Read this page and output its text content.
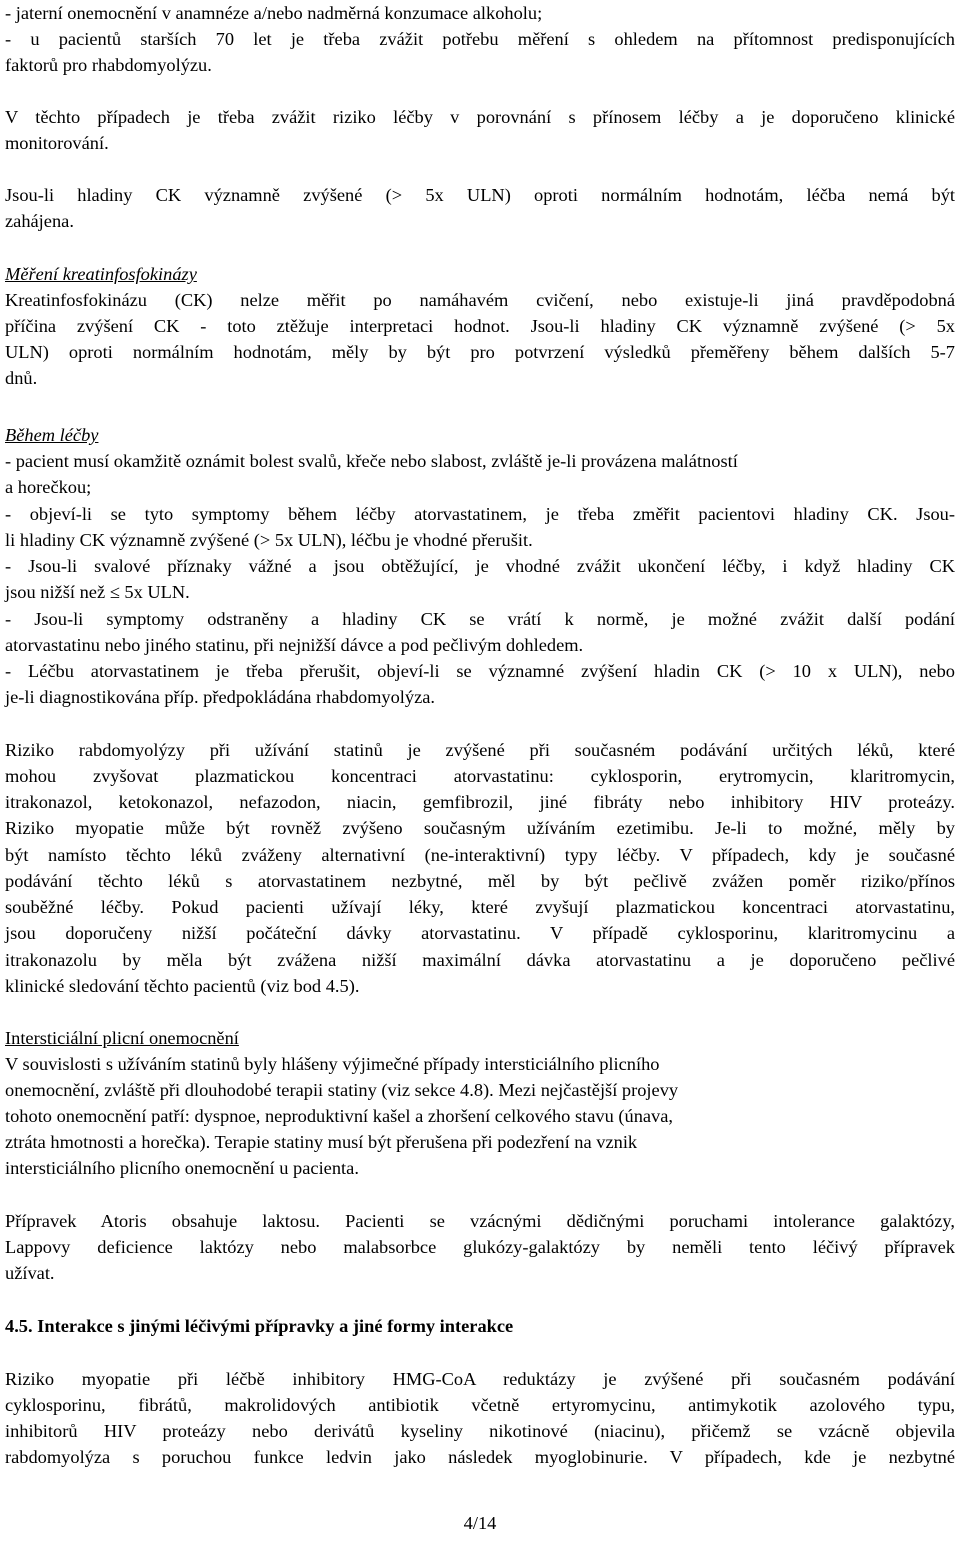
- jaterní onemocnění v anamnéze a/nebo nadměrná konzumace alkoholu;
- u pacientů starších 70 let je třeba zvážit potřebu měření s ohledem na přítomnost predisponujících
faktorů pro rhabdomyolýzu.
V těchto případech je třeba zvážit riziko léčby v porovnání s přínosem léčby a je doporučeno klinické
monitorování.
Jsou-li hladiny CK významně zvýšené (> 5x ULN) oproti normálním hodnotám, léčba nemá být
zahájena.
Měření kreatinfosfokinázy
Kreatinfosfokinázu (CK) nelze měřit po namáhavém cvičení, nebo existuje-li jiná pravděpodobná
příčina zvýšení CK - toto ztěžuje interpretaci hodnot. Jsou-li hladiny CK významně zvýšené (> 5x
ULN) oproti normálním hodnotám, měly by být pro potvrzení výsledků přeměřeny během dalších 5-7
dnů.
Během léčby
- pacient musí okamžitě oznámit bolest svalů, křeče nebo slabost, zvláště je-li provázena malátností
a horečkou;
- objeví-li se tyto symptomy během léčby atorvastatinem, je třeba změřit pacientovi hladiny CK. Jsou-
li hladiny CK významně zvýšené (> 5x ULN), léčbu je vhodné přerušit.
- Jsou-li svalové příznaky vážné a jsou obtěžující, je vhodné zvážit ukončení léčby, i když hladiny CK
jsou nižší než ≤ 5x ULN.
- Jsou-li symptomy odstraněny a hladiny CK se vrátí k normě, je možné zvážit další podání
atorvastatinu nebo jiného statinu, při nejnižší dávce a pod pečlivým dohledem.
- Léčbu atorvastatinem je třeba přerušit, objeví-li se významné zvýšení hladin CK (> 10 x ULN), nebo
je-li diagnostikována příp. předpokládána rhabdomyolýza.
Riziko rabdomyolýzy při užívání statinů je zvýšené při současném podávání určitých léků, které
mohou zvyšovat plazmatickou koncentraci atorvastatinu: cyklosporin, erytromycin, klaritromycin,
itrakonazol, ketokonazol, nefazodon, niacin, gemfibrozil, jiné fibráty nebo inhibitory HIV proteázy.
Riziko myopatie může být rovněž zvýšeno současným užíváním ezetimibu. Je-li to možné, měly by
být namísto těchto léků zváženy alternativní (ne-interaktivní) typy léčby. V případech, kdy je současné
podávání těchto léků s atorvastatinem nezbytné, měl by být pečlivě zvážen poměr riziko/přínos
souběžné léčby. Pokud pacienti užívají léky, které zvyšují plazmatickou koncentraci atorvastatinu,
jsou doporučeny nižší počáteční dávky atorvastatinu. V případě cyklosporinu, klaritromycinu a
itrakonazolu by měla být zvážena nižší maximální dávka atorvastatinu a je doporučeno pečlivé
klinické sledování těchto pacientů (viz bod 4.5).
Intersticiální plicní onemocnění
V souvislosti s užíváním statinů byly hlášeny výjimečné případy intersticiálního plicního
onemocnění, zvláště při dlouhodobé terapii statiny (viz sekce 4.8). Mezi nejčastější projevy
tohoto onemocnění patří: dyspnoe, neproduktivní kašel a zhoršení celkového stavu (únava,
ztráta hmotnosti a horečka). Terapie statiny musí být přerušena při podezření na vznik
intersticiálního plicního onemocnění u pacienta.
Přípravek Atoris obsahuje laktosu. Pacienti se vzácnými dědičnými poruchami intolerance galaktózy,
Lappovy deficience laktózy nebo malabsorbce glukózy-galaktózy by neměli tento léčivý přípravek
užívat.
4.5. Interakce s jinými léčivými přípravky a jiné formy interakce
Riziko myopatie při léčbě inhibitory HMG-CoA reduktázy je zvýšené při současném podávání
cyklosporinu, fibrátů, makrolidových antibiotik včetně ertyromycinu, antimykotik azolového typu,
inhibitorů HIV proteázy nebo derivátů kyseliny nikotinové (niacinu), přičemž se vzácně objevila
rabdomyolýza s poruchou funkce ledvin jako následek myoglobinurie. V případech, kde je nezbytné
4/14
